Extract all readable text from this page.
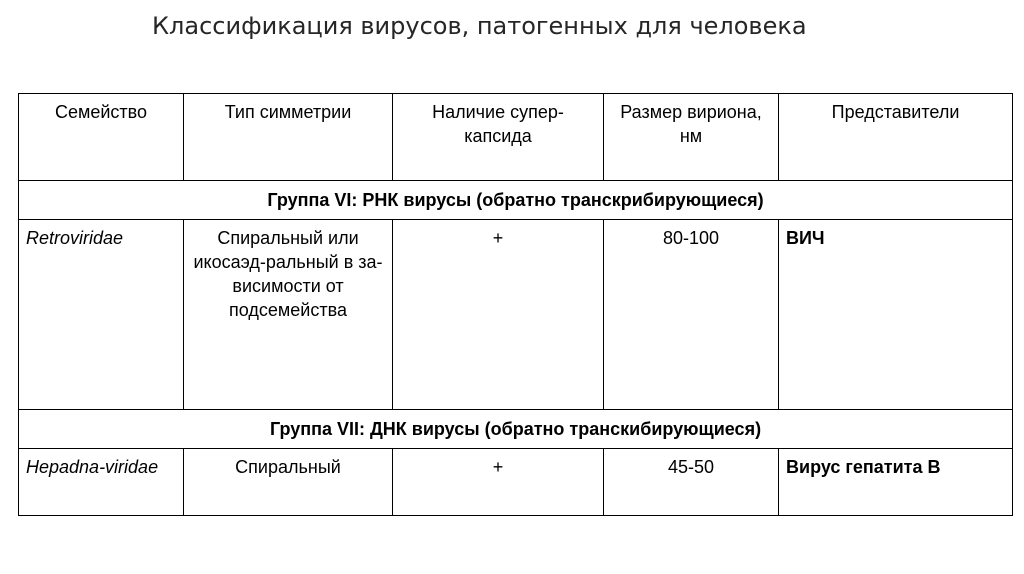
Классификация вирусов, патогенных для человека
Семейство	Тип симметрии	Наличие супер-капсида	Размер вириона, нм	Представители
Группа VI: РНК вирусы (обратно транскрибирующиеся)				
Retroviridae	Спиральный или икосаэд-ральный в за-висимости от подсемейства	+	80-100	ВИЧ
Группа VII: ДНК вирусы (обратно транскибирующиеся)				
Hepadna-viridae	Спиральный	+	45-50	Вирус гепатита В
